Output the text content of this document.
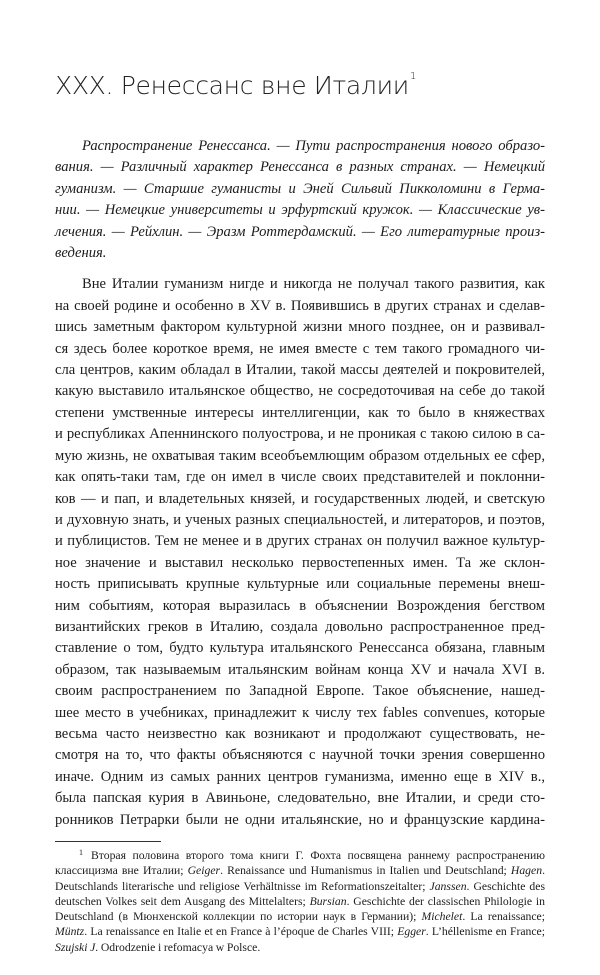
XXX. Ренессанс вне Италии$^1$
Распространение Ренессанса. — Пути распространения нового образо-
вания. — Различный характер Ренессанса в разных странах. — Немецкий
гуманизм. — Старшие гуманисты и Эней Сильвий Пикколомини в Герма-
нии. — Немецкие университеты и эрфуртский кружок. — Классические ув-
лечения. — Рейхлин. — Эразм Роттердамский. — Его литературные произ-
ведения.
Вне Италии гуманизм нигде и никогда не получал такого развития, как
на своей родине и особенно в XV в. Появившись в других странах и сделав-
шись заметным фактором культурной жизни много позднее, он и развивал-
ся здесь более короткое время, не имея вместе с тем такого громадного чи-
сла центров, каким обладал в Италии, такой массы деятелей и покровителей,
какую выставило итальянское общество, не сосредоточивая на себе до такой
степени умственные интересы интеллигенции, как то было в княжествах
и республиках Апеннинского полуострова, и не проникая с такою силою в са-
мую жизнь, не охватывая таким всеобъемлющим образом отдельных ее сфер,
как опять-таки там, где он имел в числе своих представителей и поклонни-
ков — и пап, и владетельных князей, и государственных людей, и светскую
и духовную знать, и ученых разных специальностей, и литераторов, и поэтов,
и публицистов. Тем не менее и в других странах он получил важное культур-
ное значение и выставил несколько первостепенных имен. Та же склон-
ность приписывать крупные культурные или социальные перемены внеш-
ним событиям, которая выразилась в объяснении Возрождения бегством
византийских греков в Италию, создала довольно распространенное пред-
ставление о том, будто культура итальянского Ренессанса обязана, главным
образом, так называемым итальянским войнам конца XV и начала XVI в.
своим распространением по Западной Европе. Такое объяснение, нашед-
шее место в учебниках, принадлежит к числу тех fables convenues, которые
весьма часто неизвестно как возникают и продолжают существовать, не-
смотря на то, что факты объясняются с научной точки зрения совершенно
иначе. Одним из самых ранних центров гуманизма, именно еще в XIV в.,
была папская курия в Авиньоне, следовательно, вне Италии, и среди сто-
ронников Петрарки были не одни итальянские, но и французские кардина-
$^1$ Вторая половина второго тома книги Г. Фохта посвящена раннему распространению
классицизма вне Италии; Geiger. Renaissance und Humanismus in Italien und Deutschland; Hagen.
Deutschlands literarische und religiose Verhältnisse im Reformationszeitalter; Janssen. Geschichte des
deutschen Volkes seit dem Ausgang des Mittelalters; Bursian. Geschichte der classischen Philologie in
Deutschland (в Мюнхенской коллекции по истории наук в Германии); Michelet. La renaissance;
Müntz. La renaissance en Italie et en France à l’époque de Charles VIII; Egger. L’héllenisme en France;
Szujski J. Odrodzenie i refomacya w Polsce.
